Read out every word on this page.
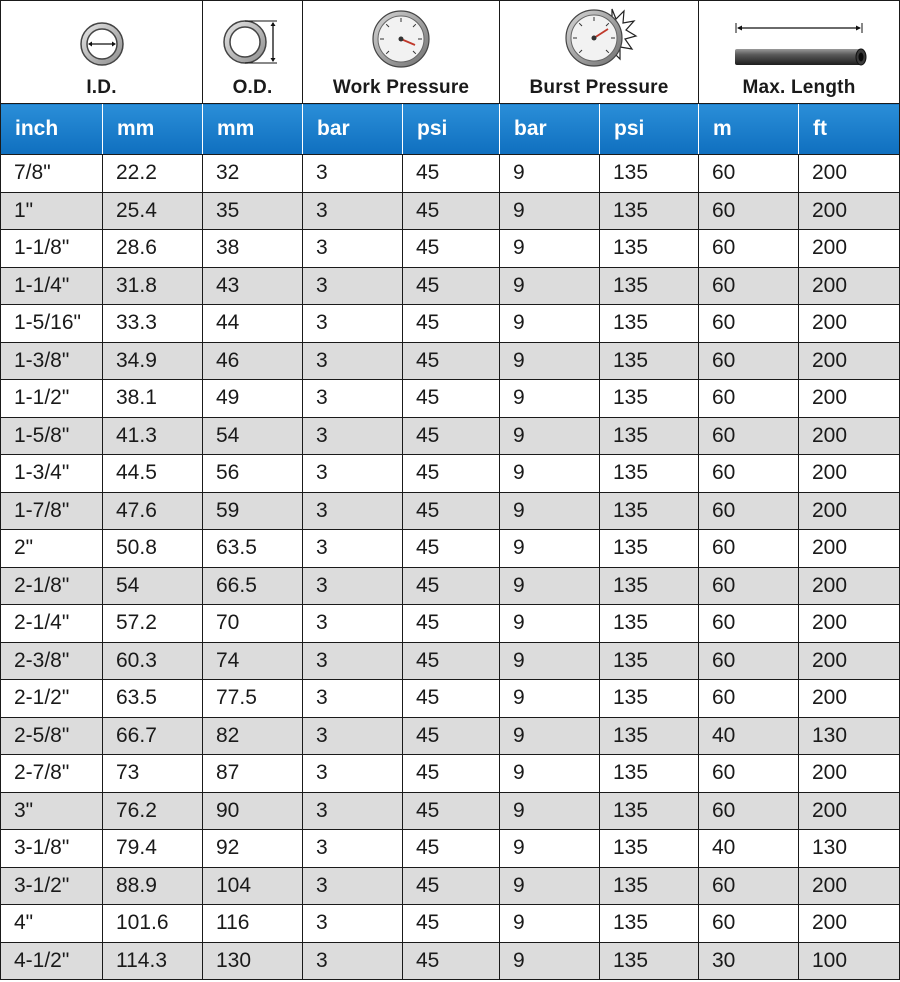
I.D.		O.D.	Work Pressure		Burst Pressure		Max. Length	

inch	mm	mm	bar	psi	bar	psi	m	ft
7/8"	22.2	32	3	45	9	135	60	200
1"	25.4	35	3	45	9	135	60	200
1-1/8"	28.6	38	3	45	9	135	60	200
1-1/4"	31.8	43	3	45	9	135	60	200
1-5/16"	33.3	44	3	45	9	135	60	200
1-3/8"	34.9	46	3	45	9	135	60	200
1-1/2"	38.1	49	3	45	9	135	60	200
1-5/8"	41.3	54	3	45	9	135	60	200
1-3/4"	44.5	56	3	45	9	135	60	200
1-7/8"	47.6	59	3	45	9	135	60	200
2"	50.8	63.5	3	45	9	135	60	200
2-1/8"	54	66.5	3	45	9	135	60	200
2-1/4"	57.2	70	3	45	9	135	60	200
2-3/8"	60.3	74	3	45	9	135	60	200
2-1/2"	63.5	77.5	3	45	9	135	60	200
2-5/8"	66.7	82	3	45	9	135	40	130
2-7/8"	73	87	3	45	9	135	60	200
3"	76.2	90	3	45	9	135	60	200
3-1/8"	79.4	92	3	45	9	135	40	130
3-1/2"	88.9	104	3	45	9	135	60	200
4"	101.6	116	3	45	9	135	60	200
4-1/2"	114.3	130	3	45	9	135	30	100
